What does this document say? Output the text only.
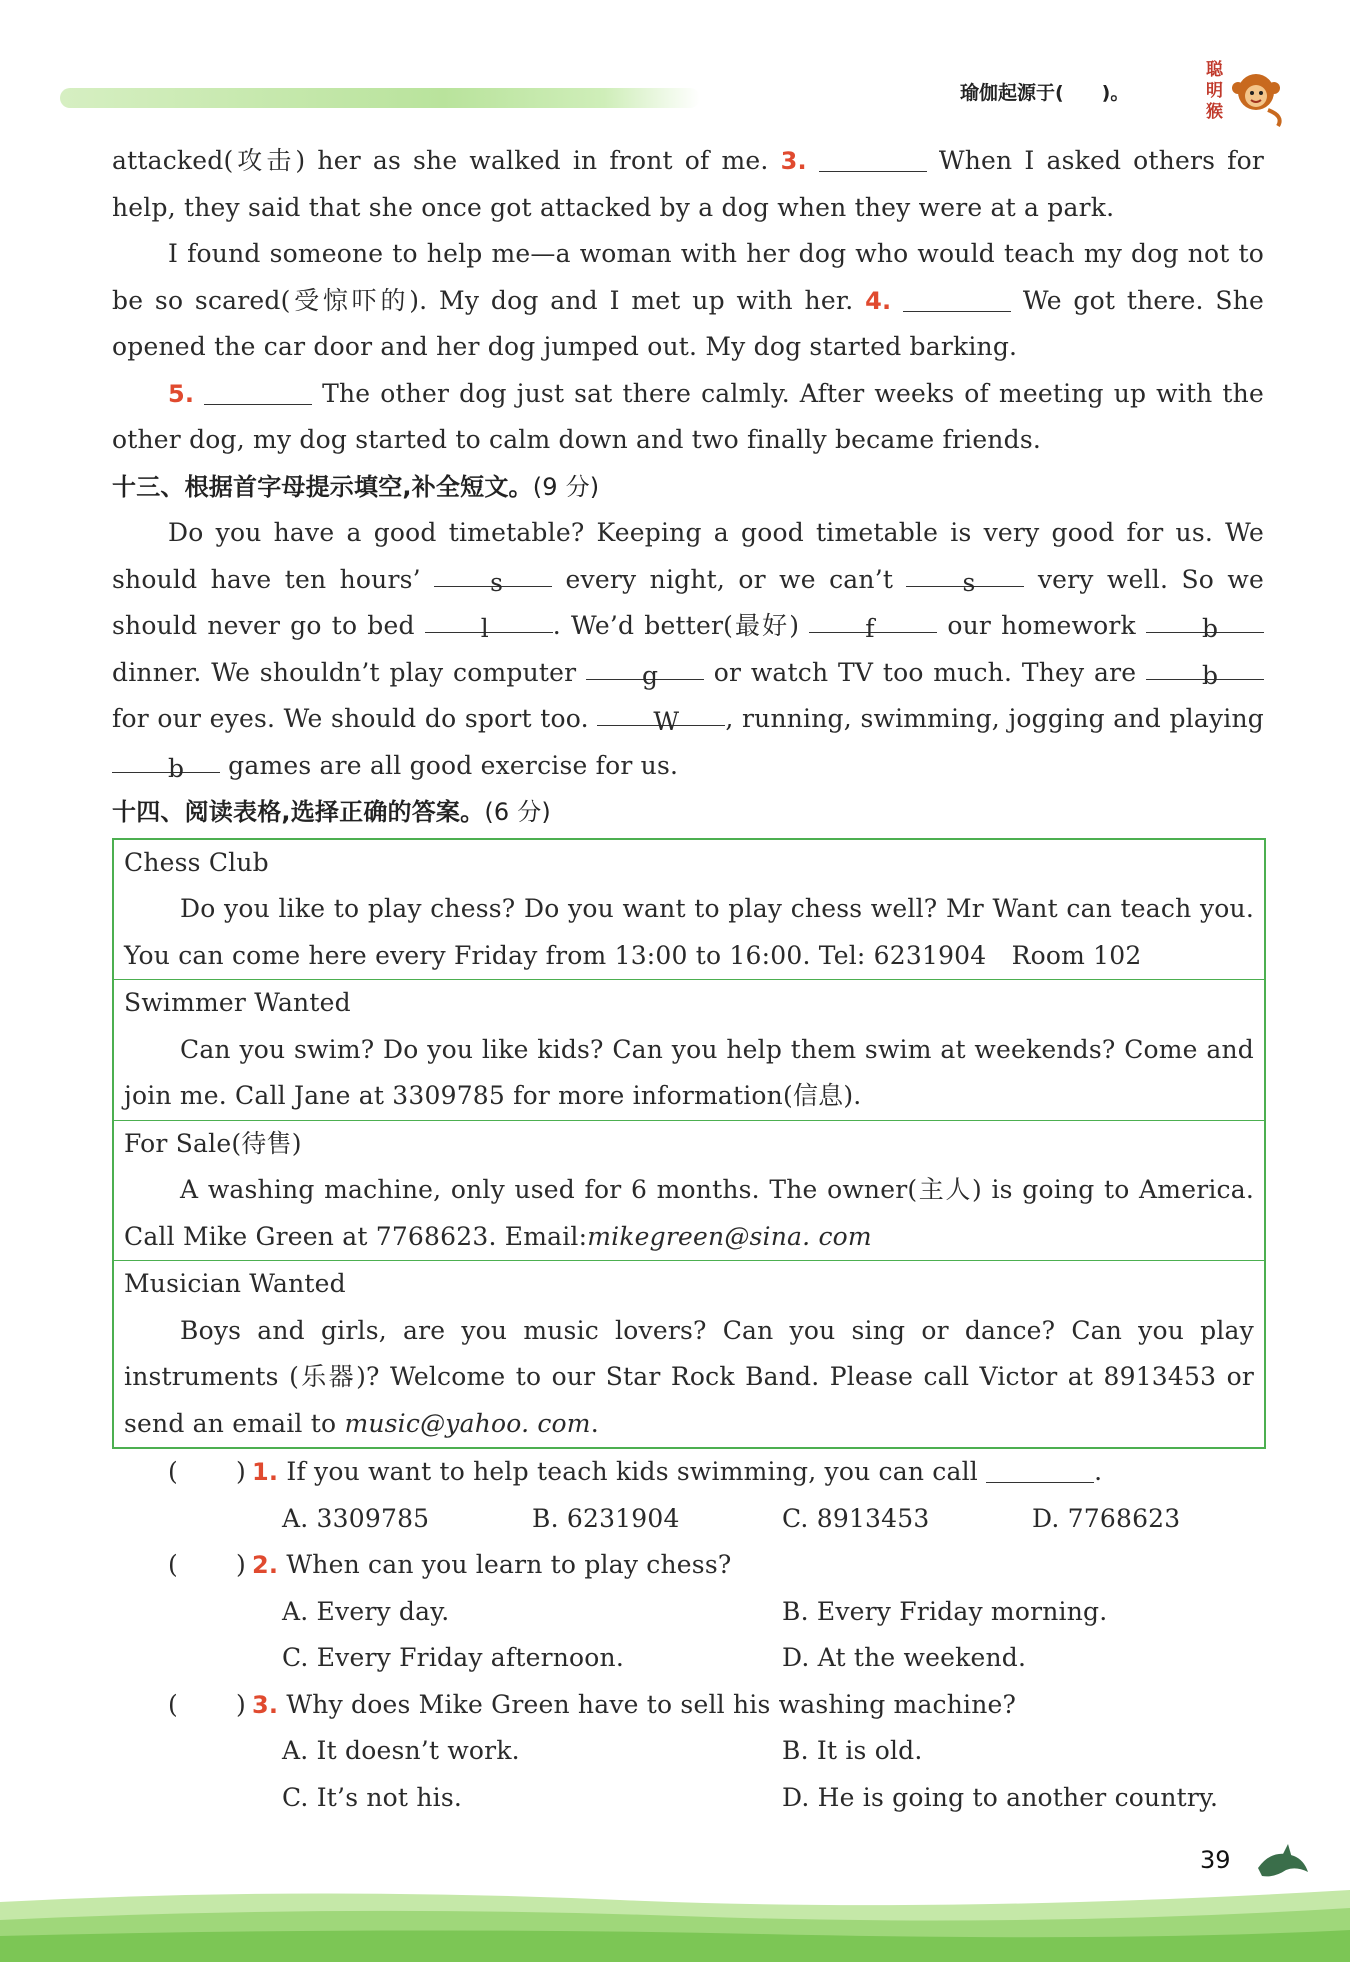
瑜伽起源于(　　)。
聪明猴

attacked(攻击) her as she walked in front of me. 3.	When I asked others for help, they said that she once got attacked by a dog when they were at a park.

I found someone to help me—a woman with her dog who would teach my dog not to be so scared(受惊吓的). My dog and I met up with her. 4.	We got there. She opened the car door and her dog jumped out. My dog started barking.

5.	The other dog just sat there calmly. After weeks of meeting up with the other dog, my dog started to calm down and two finally became friends.

十三、根据首字母提示填空,补全短文。(9 分)

Do you have a good timetable? Keeping a good timetable is very good for us. We should have ten hours’	s every night, or we can’t	s very well. So we should never go to bed	l	. We’d better(最好)	f	our homework	b dinner. We shouldn’t play computer	g or watch TV too much. They are	b for our eyes. We should do sport too.	W , running, swimming, jogging and playing b games are all good exercise for us.

十四、阅读表格,选择正确的答案。(6 分)
Chess Club

Do you like to play chess? Do you want to play chess well? Mr Want can teach you. You can come here every Friday from 13:00 to 16:00. Tel: 6231904　Room 102

Swimmer Wanted

Can you swim? Do you like kids? Can you help them swim at weekends? Come and join me. Call Jane at 3309785 for more information(信息).

For Sale(待售)

A washing machine, only used for 6 months. The owner(主人) is going to America. Call Mike Green at 7768623. Email:mikegreen@sina. com

Musician Wanted

Boys and girls, are you music lovers? Can you sing or dance? Can you play instruments (乐器)? Welcome to our Star Rock Band. Please call Victor at 8913453 or send an email to music@yahoo. com.

( ) 1. If you want to help teach kids swimming, you can call	.
A. 3309785	B. 6231904	C. 8913453	D. 7768623
( ) 2. When can you learn to play chess?
A. Every day.	B. Every Friday morning.
C. Every Friday afternoon.	D. At the weekend.
( ) 3. Why does Mike Green have to sell his washing machine?
A. It doesn’t work.	B. It is old.
C. It’s not his.	D. He is going to another country.
39
